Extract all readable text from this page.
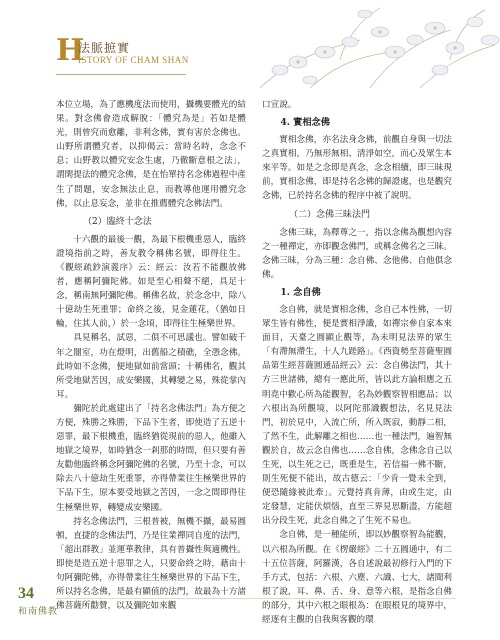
H
法脈摭實
ISTORY OF CHAM SHAN

本位立場，為了應機度法而使用，攝機要體光的結果。對念佛會造成解脫：「體究為是」若如是體光，則曾究而愈離，非利念佛，實有害於念佛也。山野所謂體究者，以抑偈云：當時名時，念念不息；山野教以體究安念生處，乃徹斷意根之法」，謂閑提法的體究念佛，是在怡單持名念佛過程中產生了問題，安念無法止息，而教導他運用體究念佛，以止息妄念，並非在推薦體究念佛法門。

（2）臨終十念法

十六觀的最後一觀，為最下根機重惡人，臨終證境指前之時，善友教令稱佛名號，即得往生。《觀經疏鈔演義序》云：經云：汝若不能觀放佛者，應稱阿彌陀佛。如是至心相聲不絕，具足十念，稱南無阿彌陀佛。稱佛名故，於念念中，除八十億劫生死重罪；命終之後，見金蓮花，（猶如日輪，住其人前，）於一念頃，即得往生極樂世界。

具見稱名，試惡，二俱不可思議也。譬如破千年之闇室，功在燈明，出舊船之積礁，全憑念佛。此時如不念佛，便地獄如前當頭；十稱佛名，觀其所受地獄苦因，成安樂國，其轉變之易，殊從掌內耳。

彌陀於此處建出了「持名念佛法門」為方便之方便，殊勝之殊勝，下品下生者，即使造了五逆十惡罪，最下根機重，臨終猶從現前的惡人，他雖入地獄之境界，如時猶念一剎那的時間，但只要有善友勸他臨終稱念阿彌陀佛的名號，乃至十念，可以除去八十億劫生死重罪，亦得帶業往生極樂世界的下品下生，原本要受地獄之苦因，一念之間即得往生極樂世界，轉變成安樂國。

持名念佛法門，三根普被，無機不攝，最易圓頓，直捷的念佛法門，乃是往業禪同自度的法門，「超出群教」並運華教律，具有普攝性與適機性。即使是造五逆十惡罪之人，只要命終之時，藉由十句阿彌陀佛，亦得帶業往生極樂世界的下品下生，所以持名念佛，是最有顯值的法門，故最為十方諸佛菩薩所勸贊，以及彌陀如來觀

口宣說。

4. 實相念佛

實相念佛，亦名法身念佛，前觀自身與一切法之真實相，乃無形無相、清淨如空，而心及眾生本來平等。如是之念即是真念，念念相續，即三昧現前，實相念佛，即是持名念佛的歸證處，也是觀究念佛，已於持名念佛的程序中被了說明。

（二）念佛三昧法門

念佛三昧，為釋尊之一，指以念佛為觀想內容之一種禪定，亦即觀念佛門，或稱念佛名之三昧。念佛三昧，分為三種：念自佛、念他佛、自他俱念佛。

1. 念自佛

念自佛，就是實相念佛，念自己本性佛，一切眾生皆有佛性，便是實相淨識，如禪宗參自家本來面目，天臺之圓顯止觀等，為未明見法界的眾生「有滯無滯生，十人九蹉路」。《西資勢至菩薩聖圓品第生經菩薩圓通品經云》云：念自佛法門，其十方三世諸佛，總有一應此所，皆以此方論相應之五明堯中歡心所為能觀智，名為妙觀察智相應品；以六根出為所觀境，以阿陀那識觀想法，名見見法門，初於見中，入流亡所，所入既寂，動靜二相，了然不生，此解離之相也……也一種法門，遍智無觀於自，故云念自佛也……念自佛，念佛念自己以生死，以生死之已，既重是生，若信福一佛不斷，則生死便不能出，故古德云：「少肯一覺未全到，便恐隨緣被此牽」。元覺持真肯薄，由或生定，由定發慧，定能伏煩惱，直至三界見思斷盡，方能超出分段生死，此念自佛之了生死不易也。

念自佛，是一種能所，即以妙觀察智為能觀，以六根為所觀。在《楞嚴經》二十五圓通中，有二十五位菩薩，阿羅漢，各自述說最初修行入門的下手方式，包括：六根、六塵、六識、七大，諸聞利根了說，耳、鼻、舌、身、意等六根，是指念自佛的部分，其中六根之眼根為：在眼根見的境界中，經逐有主觀的自我與客觀的環

34
和南佛教
